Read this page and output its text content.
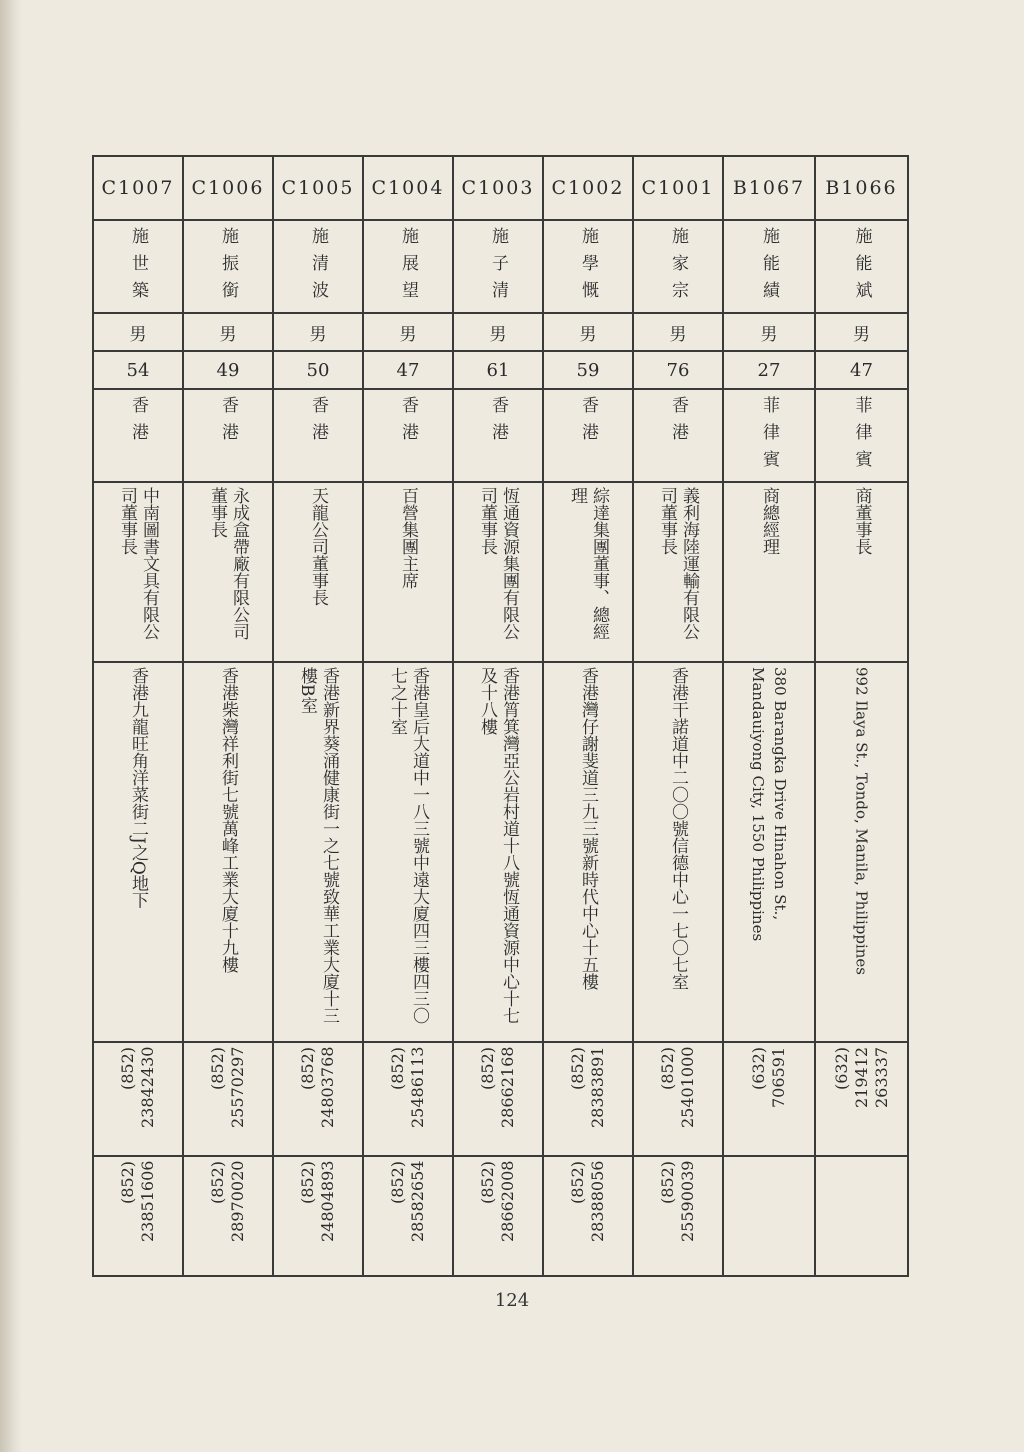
C1007	C1006	C1005	C1004	C1003	C1002	C1001	B1067	B1066
施世築	施振銜	施清波	施展望	施子清	施學慨	施家宗	施能績	施能斌
男	男	男	男	男	男	男	男	男
54	49	50	47	61	59	76	27	47
香港	香港	香港	香港	香港	香港	香港	菲律賓	菲律賓
中南圖書文具有限公司董事長	永成盒帶廠有限公司董事長	天龍公司董事長	百營集團主席	恆通資源集團有限公司董事長	綜達集團董事、總經理	義利海陸運輸有限公司董事長	商總經理	商董事長
香港九龍旺角洋菜街二J之Q地下	香港柴灣祥利街七號萬峰工業大廈十九樓	香港新界葵涌健康街一之七號致華工業大廈十三樓B室	香港皇后大道中一八三號中遠大廈四三樓四三〇七之十室	香港筲箕灣亞公岩村道十八號恆通資源中心十七及十八樓	香港灣仔謝斐道三九三號新時代中心十五樓	香港干諾道中二〇〇號信德中心一七〇七室	380 Barangka Drive Hinahon St., Mandauiyong City, 1550 Philippines	992 Ilaya St., Tondo, Manila, Philippines
(852) 23842430	(852) 25570297	(852) 24803768	(852) 25486113	(852) 28662168	(852) 28383891	(852) 25401000	(632) 706591	(632) 219412 263337
(852) 23851606	(852) 28970020	(852) 24804893	(852) 28582654	(852) 28662008	(852) 28388056	(852) 25590039		
124
